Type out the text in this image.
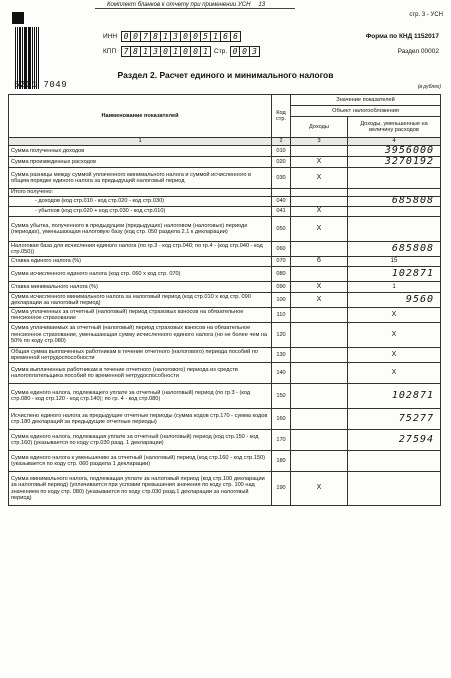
Комплект бланков к отчету при применении УСН 13
стр. 3 - УСН
5201 7049
ИНН 0 0 7 8 1 3 0 0 5 1 6 6
КПП 7 8 1 3 0 1 0 0 1 Стр. 0 0 3
Форма по КНД 1152017
Раздел 00002
Раздел 2. Расчет единого и минимального налогов
(в рублях)
Наименование показателей	Код стр.	Значение показателей	
		Объект налогообложения	
		Доходы	Доходы, уменьшенные на величину расходов
1	2	3	4
Сумма полученных доходов	010		3956000
Сумма произведенных расходов	020	X	3270192
Сумма разницы между суммой уплаченного минимального налога и суммой исчисленного в общем порядке единого налога за предыдущий налоговый период	030	X	
Итого получено:			
- доходов (код стр.010 - код стр.020 - код стр.030)	040		685808
- убытков (код стр.020 + код стр.030 - код стр.010)	041	X	
Сумма убытка, полученного в предыдущем (предыдущих) налоговом (налоговых) периоде (периодах), уменьшающая налоговую базу (код стр. 050 раздела 2.1 к декларации)	050	X	
Налоговая база для исчисления единого налога (по гр.3 - код стр.040; по гр.4 - (код стр.040 - код стр.050))	060		685808
Ставка единого налога (%)	070	6	15
Сумма исчисленного единого налога (код стр. 060 х код стр. 070)	080		102871
Ставка минимального налога (%)	090	X	1
Сумма исчисленного минимального налога за налоговый период (код стр.010 х код стр. 090 декларации за налоговый период)	100	X	9560
Сумма уплаченных за отчетный (налоговый) период страховых взносов на обязательное пенсионное страхование	110		X
Сумма уплачиваемых за отчетный (налоговый) период страховых взносов на обязательное пенсионное страхование, уменьшающая сумму исчисленного единого налога (но не более чем на 50% по коду стр.080)	120		X
Общая сумма выплаченных работникам в течение отчетного (налогового) периода пособий по временной нетрудоспособности	130		X
Сумма выплаченных работникам в течение отчетного (налогового) периода из средств налогоплательщика пособий по временной нетрудоспособности	140		X
Сумма единого налога, подлежащего уплате за отчетный (налоговый) период (по гр.3 - (код стр.080 - код стр.120 - код стр.140); по гр. 4 - код стр.080)	150		102871
Исчислено единого налога за предыдущие отчетные периоды (сумма кодов стр.170 - сумма кодов стр.180 деклараций за предыдущие отчетные периоды)	160		75277
Сумма единого налога, подлежащая уплате за отчетный (налоговый) период (код стр.150 - код стр.160) (указывается по коду стр.030 разд. 1 декларации)	170		27594
Сумма единого налога к уменьшению за отчетный (налоговый) период (код стр.160 - код стр.150) (указывается по коду стр. 060 раздела 1 декларации)	180		
Сумма минимального налога, подлежащая уплате за налоговый период (код стр.100 декларации за налоговый период) (уплачивается при условии превышения значения по коду стр. 100 над значением по коду стр. 080) (указывается по коду стр.030 разд.1 декларации за налоговый период)	190	X	
